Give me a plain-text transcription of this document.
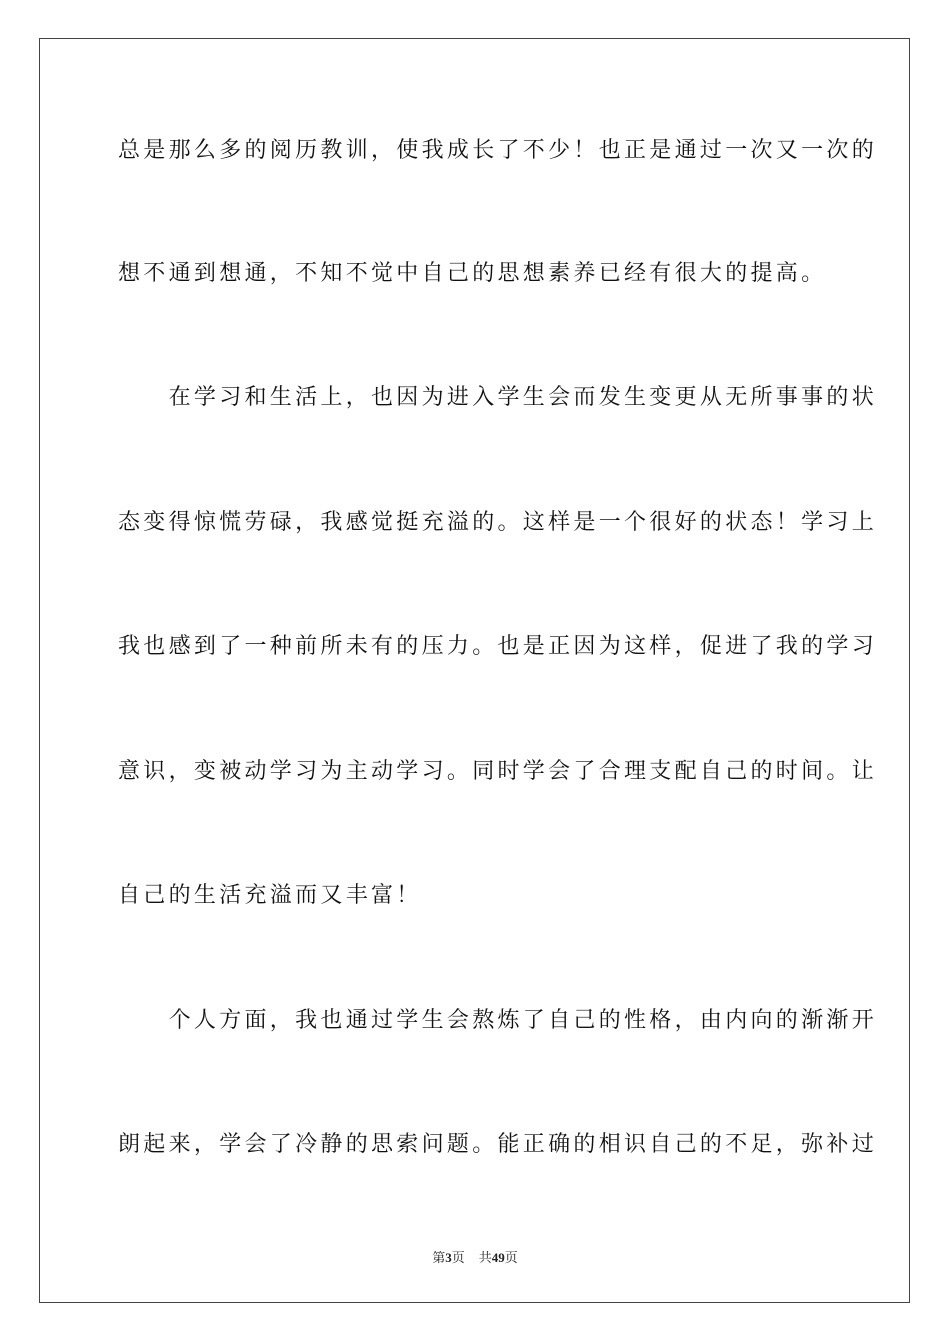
总是那么多的阅历教训，使我成长了不少！也正是通过一次又一次的
想不通到想通，不知不觉中自己的思想素养已经有很大的提高。
　　在学习和生活上，也因为进入学生会而发生变更从无所事事的状
态变得惊慌劳碌，我感觉挺充溢的。这样是一个很好的状态！学习上
我也感到了一种前所未有的压力。也是正因为这样，促进了我的学习
意识，变被动学习为主动学习。同时学会了合理支配自己的时间。让
自己的生活充溢而又丰富！
　　个人方面，我也通过学生会熬炼了自己的性格，由内向的渐渐开
朗起来，学会了冷静的思索问题。能正确的相识自己的不足，弥补过
第3页 共49页
